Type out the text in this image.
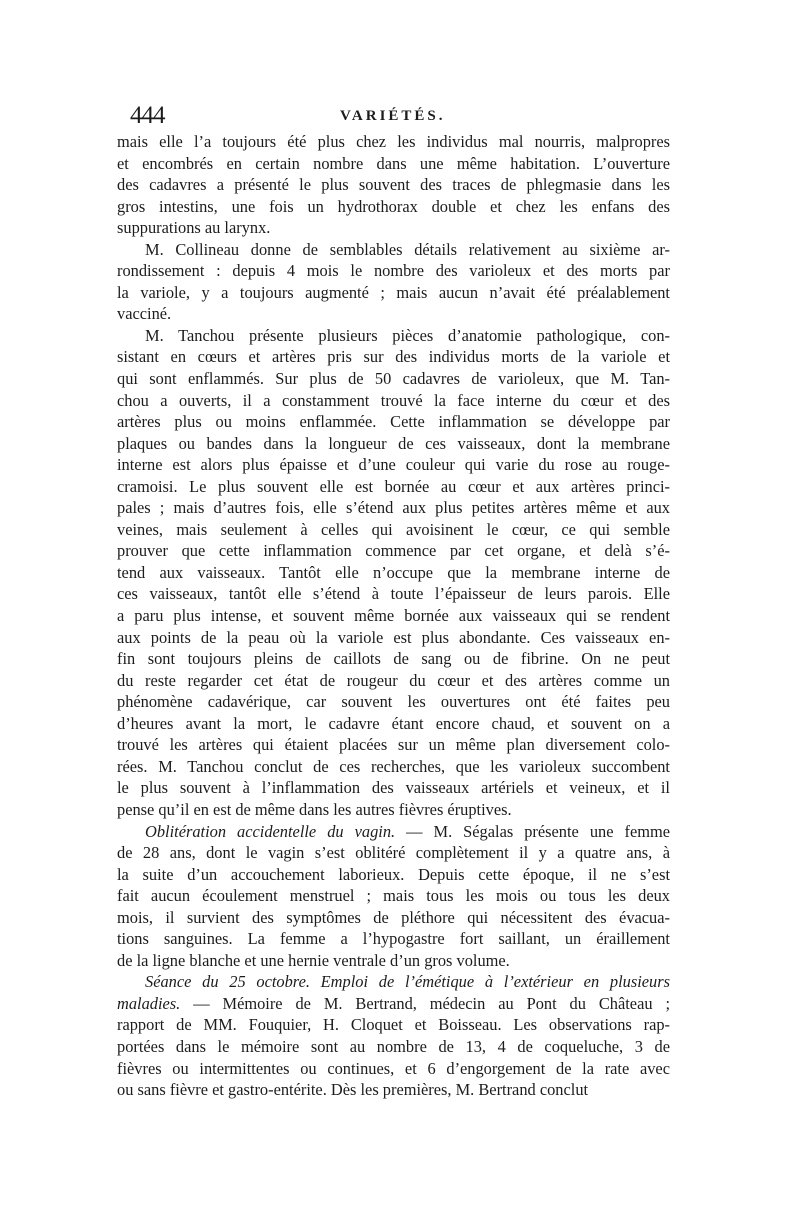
444	VARIÉTÉS.
mais elle l’a toujours été plus chez les individus mal nourris, malpropres
et encombrés en certain nombre dans une même habitation. L’ouverture
des cadavres a présenté le plus souvent des traces de phlegmasie dans les
gros intestins, une fois un hydrothorax double et chez les enfans des
suppurations au larynx.
M. Collineau donne de semblables détails relativement au sixième ar-
rondissement : depuis 4 mois le nombre des varioleux et des morts par
la variole, y a toujours augmenté ; mais aucun n’avait été préalablement
vacciné.
M. Tanchou présente plusieurs pièces d’anatomie pathologique, con-
sistant en cœurs et artères pris sur des individus morts de la variole et
qui sont enflammés. Sur plus de 50 cadavres de varioleux, que M. Tan-
chou a ouverts, il a constamment trouvé la face interne du cœur et des
artères plus ou moins enflammée. Cette inflammation se développe par
plaques ou bandes dans la longueur de ces vaisseaux, dont la membrane
interne est alors plus épaisse et d’une couleur qui varie du rose au rouge-
cramoisi. Le plus souvent elle est bornée au cœur et aux artères princi-
pales ; mais d’autres fois, elle s’étend aux plus petites artères même et aux
veines, mais seulement à celles qui avoisinent le cœur, ce qui semble
prouver que cette inflammation commence par cet organe, et delà s’é-
tend aux vaisseaux. Tantôt elle n’occupe que la membrane interne de
ces vaisseaux, tantôt elle s’étend à toute l’épaisseur de leurs parois. Elle
a paru plus intense, et souvent même bornée aux vaisseaux qui se rendent
aux points de la peau où la variole est plus abondante. Ces vaisseaux en-
fin sont toujours pleins de caillots de sang ou de fibrine. On ne peut
du reste regarder cet état de rougeur du cœur et des artères comme un
phénomène cadavérique, car souvent les ouvertures ont été faites peu
d’heures avant la mort, le cadavre étant encore chaud, et souvent on a
trouvé les artères qui étaient placées sur un même plan diversement colo-
rées. M. Tanchou conclut de ces recherches, que les varioleux succombent
le plus souvent à l’inflammation des vaisseaux artériels et veineux, et il
pense qu’il en est de même dans les autres fièvres éruptives.
Oblitération accidentelle du vagin. — M. Ségalas présente une femme
de 28 ans, dont le vagin s’est oblitéré complètement il y a quatre ans, à
la suite d’un accouchement laborieux. Depuis cette époque, il ne s’est
fait aucun écoulement menstruel ; mais tous les mois ou tous les deux
mois, il survient des symptômes de pléthore qui nécessitent des évacua-
tions sanguines. La femme a l’hypogastre fort saillant, un éraillement
de la ligne blanche et une hernie ventrale d’un gros volume.
Séance du 25 octobre. Emploi de l’émétique à l’extérieur en plusieurs
maladies. — Mémoire de M. Bertrand, médecin au Pont du Château ;
rapport de MM. Fouquier, H. Cloquet et Boisseau. Les observations rap-
portées dans le mémoire sont au nombre de 13, 4 de coqueluche, 3 de
fièvres ou intermittentes ou continues, et 6 d’engorgement de la rate avec
ou sans fièvre et gastro-entérite. Dès les premières, M. Bertrand conclut
